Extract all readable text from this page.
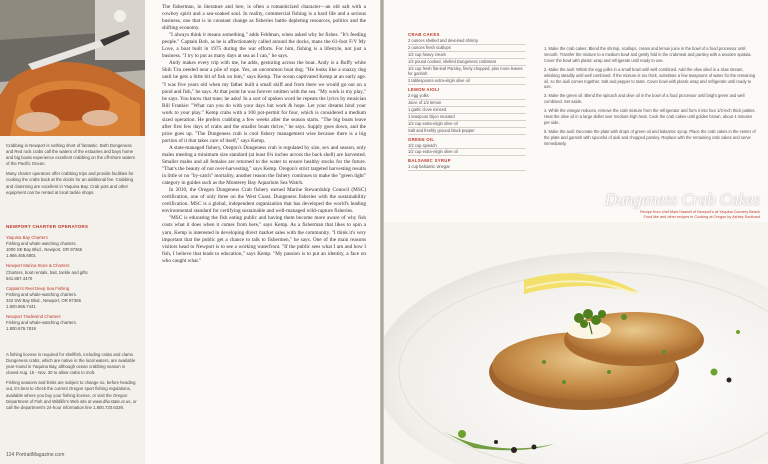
Crabbing in Newport is nothing short of fantastic. Both Dungeness and Red rock crabs call the waters of the estuaries and bays home and big boats experience excellent crabbing on the off-shore waters of the Pacific Ocean.

Many charter operators offer crabbing trips and provide facilities for cooking the crabs back at the docks for an additional fee. Crabbing and clamming are excellent in Yaquina Bay. Crab pots and other equipment can be rented at local tackle shops.

NEWPORT CHARTER OPERATORS
Yaquina Bay Charters
Fishing and whale watching charters.
1000 SE Bay Blvd., Newport, OR 97365
1.866.465.6801
Newport Marina Store & Charters
Charters, boat rentals, bait, tackle and gifts
541.867.4470
Captain's Reel Deep Sea Fishing
Fishing and whale-watching charters.
343 SW Bay Blvd., Newport, OR 97365
1.800.865.7441
Newport Tradewind Charters
Fishing and whale-watching charters.
1.800.676.7819

A fishing license is required for shellfish, including crabs and clams. Dungeness crabs, which are native in the local waters, are available year-round in Yaquina Bay, although ocean crabbing season is closed Aug. 15 - Nov. 30 to allow crabs to molt.

Fishing seasons and limits are subject to change so, before heading out, it's best to check the current Oregon sport fishing regulations, available where you buy your fishing license, or visit the Oregon Department of Fish and Wildlife's Web site at www.dfw.state.or.us, or call the department's 24-hour information line 1.800.720.6339.

124 PortraitMagazine.com

The fisherman, in literature and lore, is often a romanticized character—an old salt with a cowboy spirit and a sea-soaked soul. In reality, commercial fishing is a hard life and a serious business, one that is in constant change as fisheries battle depleting resources, politics and the shifting economy.

"I always think it means something," adds Feldman, when asked why he fishes. "It's feeding people." Captain Bob, as he is affectionately called around the docks, mans the 61-foot F/V My Love, a boat built in 1975 during the war efforts. For him, fishing is a lifestyle, not just a business. "I try to put as many days at sea as I can," he says.

Andy makes every trip with me, he adds, gesturing across the boat. Andy is a Buffy white Shih Tzu needed near a pile of rope. Yes, an uncommon boat dog. "He looks like a snazzy dog until he gets a little bit of fish on him," says Kemp. The ocean captivated Kemp at an early age. "I was five years old when my father built a small skiff and from there we would go out on a pond and fish," he says. At that point he was forever smitten with the sea. "My work is my play," he says. You know that tune; he asks! In a sort of spoken word he repeats the lyrics by musician Bill Frankie: "What can you do with your days but work & hope. Let your dreams bind your work to your play." Kemp crabs with a 100 pot-permit for four, which is considered a medium sized operation. He prefers crabbing a few weeks after the season starts. "The big boats leave after first few days of crabs and the smaller boats thrive," he says. Supply goes down, and the price goes up. "The Dungeness crab is cool fishery management wise because there is a big portion of it that takes care of itself," says Kemp.

A state-managed fishery, Oregon's Dungeness crab is regulated by size, sex and season, only males meeting a minimum size standard (at least 6¼ inches across the back shell) are harvested. Smaller males and all females are returned to the water to ensure healthy stocks for the future. "That's the beauty of not over-harvesting," says Kemp. Oregon's strict targeted harvesting results in little or no "by-catch" mortality, another reason the fishery continues to make the "green light" category in guides such as the Monterey Bay Aquarium Sea Watch.

In 2010, the Oregon Dungeness Crab fishery earned Marine Stewardship Council (MSC) certification, one of only three on the West Coast. Dungeness fisheries with the sustainability certification. MSC is a global, independent organization that has developed the world's leading environmental standard for certifying sustainable and well-managed wild-capture fisheries.

"MSC is educating the fish eating public and having them become more aware of why fish costs what it does when it comes from here," says Kemp. As a fisherman that likes to spin a yarn, Kemp is interested in developing direct market sales with the community. "I think it's very important that the public get a chance to talk to fishermen," he says. One of the main reasons visitors head to Newport is to see a working waterfront. "If the public sees what I am and how I fish, I believe that leads to education," says Kemp. "My passion is to put an identity, a face on who caught what."

CRAB CAKES
2 ounces shelled and deveined shrimp
2 ounces fresh scallops
1/2 cup heavy cream
1/2 pound cooked, shelled Dungeness crabmeat
1/2 cup fresh flat-leaf Parsley, finely chopped, plus more leaves for garnish
2 tablespoons extra-virgin olive oil
LEMON AIOLI
2 egg yolks
Juice of 1/2 lemon
1 garlic clove minced
1 teaspoon Dijon mustard
1/2 cup extra-virgin olive oil
Salt and freshly ground black pepper
GREEN OIL
1/2 cup spinach
1/2 cup extra-virgin olive oil
BALSAMIC SYRUP
1 cup balsamic vinegar

1. Make the crab cakes: Blend the shrimp, scallops, cream and lemon juice in the bowl of a food processor until smooth. Transfer the mixture to a medium bowl and gently fold in the crabmeat and parsley with a wooden spatula. Cover the bowl with plastic wrap and refrigerate until ready to use.

2. Make the aioli: Whisk the egg yolks in a small bowl until well combined. Add the olive oiled in a slow stream, whisking steadily until well combined. If the mixture is too thick, substitute a few teaspoons of water for the remaining oil, so the aioli comes together. Salt and pepper to taste. Cover bowl with plastic wrap and refrigerate until ready to use.

3. Make the green oil: Blend the spinach and olive oil in the bowl of a food processor until bright green and well combined. Set aside.

4. While the vinegar reduces, remove the crab mixture from the refrigerator and form it into four 1/2-inch thick patties. Heat the olive oil in a large skillet over medium-high heat. Cook the crab cakes until golden brown, about 4 minutes per side.

5. Make the aioli: Decorate the plate with drops of green oil and balsamic syrup. Place the crab cakes in the center of the plate and garnish with spoonful of aioli and chopped parsley. Replace with the remaining crab cakes and serve immediately.

Dungeness Crab Cakes
Recipe from chef Mark Haskell of Newport's at Yaquina Cannery Beach
Food like and other recipes in Cooking at Oregon by Ashley Southard
